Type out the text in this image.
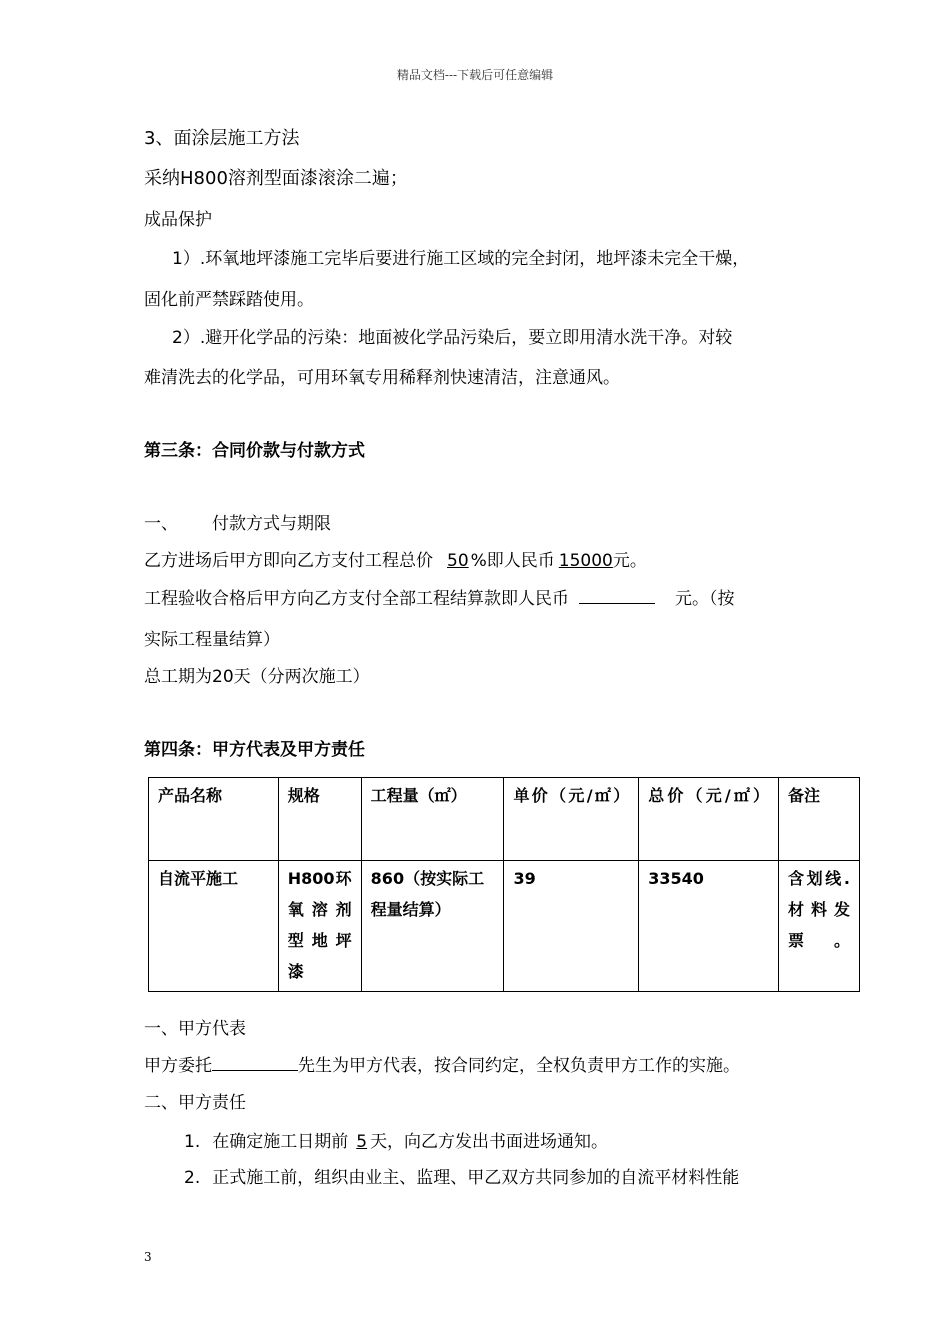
精品文档---下载后可任意编辑
3、面涂层施工方法
采纳H800溶剂型面漆滚涂二遍；
成品保护
1）.环氧地坪漆施工完毕后要进行施工区域的完全封闭，地坪漆未完全干燥，
固化前严禁踩踏使用。
2）.避开化学品的污染：地面被化学品污染后，要立即用清水洗干净。对较
难清洗去的化学品，可用环氧专用稀释剂快速清洁，注意通风。
第三条：合同价款与付款方式
一、 付款方式与期限
乙方进场后甲方即向乙方支付工程总价 50 %即人民币 15000元。
工程验收合格后甲方向乙方支付全部工程结算款即人民币	元。（按
实际工程量结算）
总工期为20天（分两次施工）
第四条：甲方代表及甲方责任
产品名称	规格	工程量（㎡）	单价（元/㎡）	总价（元/㎡）	备注
自流平施工	H800环氧溶剂型地坪漆	860（按实际工程量结算）	39	33540	含划线.材料发票。
一、甲方代表
甲方委托	先生为甲方代表，按合同约定，全权负责甲方工作的实施。
二、甲方责任
1. 在确定施工日期前 5 天，向乙方发出书面进场通知。
2. 正式施工前，组织由业主、监理、甲乙双方共同参加的自流平材料性能
3
